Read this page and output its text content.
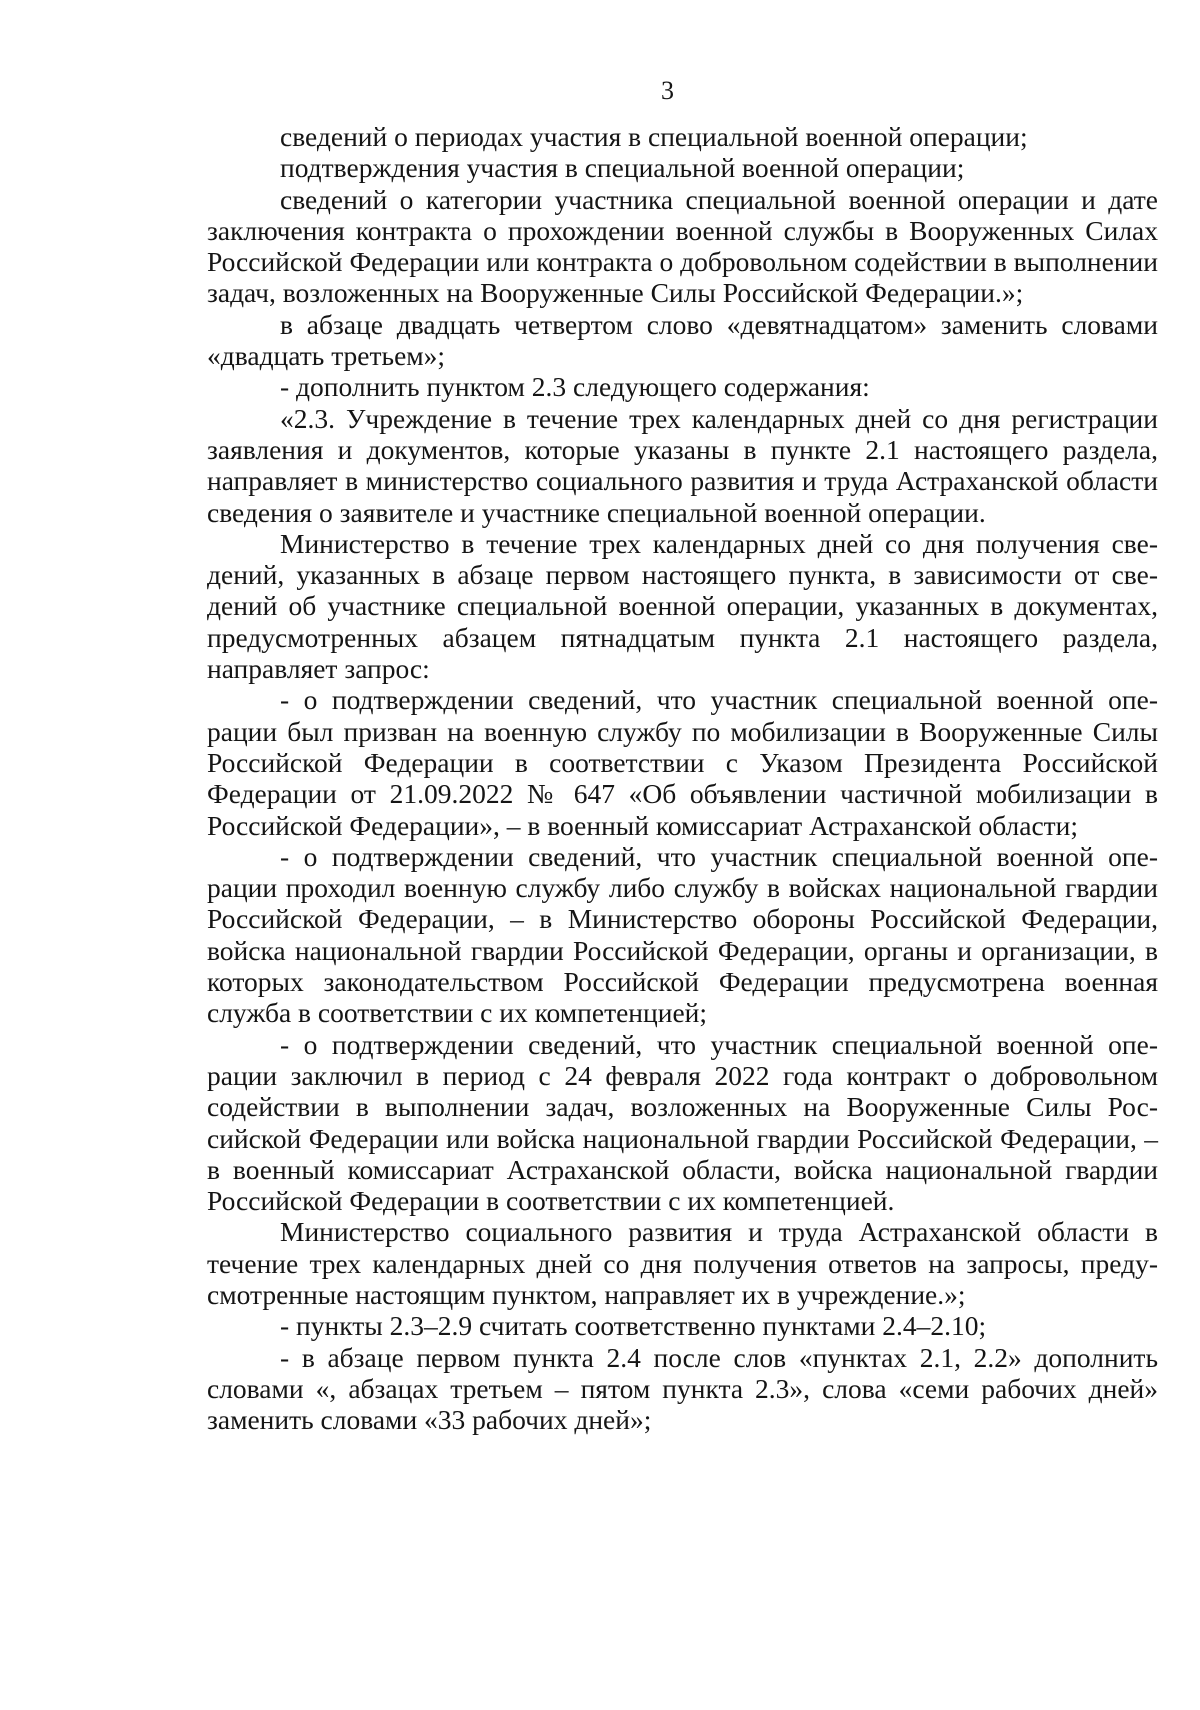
3

сведений о периодах участия в специальной военной операции;

подтверждения участия в специальной военной операции;

сведений о категории участника специальной военной операции и дате заключения контракта о прохождении военной службы в Вооруженных Силах Российской Федерации или контракта о добровольном содействии в выполнении задач, возложенных на Вооруженные Силы Российской Федерации.»;

в абзаце двадцать четвертом слово «девятнадцатом» заменить словами «двадцать третьем»;

- дополнить пунктом 2.3 следующего содержания:

«2.3. Учреждение в течение трех календарных дней со дня регистрации заявления и документов, которые указаны в пункте 2.1 настоящего раздела, направляет в министерство социального развития и труда Астраханской области сведения о заявителе и участнике специальной военной операции.

Министерство в течение трех календарных дней со дня получения сведений, указанных в абзаце первом настоящего пункта, в зависимости от сведений об участнике специальной военной операции, указанных в документах, предусмотренных абзацем пятнадцатым пункта 2.1 настоящего раздела, направляет запрос:

- о подтверждении сведений, что участник специальной военной операции был призван на военную службу по мобилизации в Вооруженные Силы Российской Федерации в соответствии с Указом Президента Российской Федерации от 21.09.2022 № 647 «Об объявлении частичной мобилизации в Российской Федерации», – в военный комиссариат Астраханской области;

- о подтверждении сведений, что участник специальной военной операции проходил военную службу либо службу в войсках национальной гвардии Российской Федерации, – в Министерство обороны Российской Федерации, войска национальной гвардии Российской Федерации, органы и организации, в которых законодательством Российской Федерации предусмотрена военная служба в соответствии с их компетенцией;

- о подтверждении сведений, что участник специальной военной операции заключил в период с 24 февраля 2022 года контракт о добровольном содействии в выполнении задач, возложенных на Вооруженные Силы Российской Федерации или войска национальной гвардии Российской Федерации, – в военный комиссариат Астраханской области, войска национальной гвардии Российской Федерации в соответствии с их компетенцией.

Министерство социального развития и труда Астраханской области в течение трех календарных дней со дня получения ответов на запросы, предусмотренные настоящим пунктом, направляет их в учреждение.»;

- пункты 2.3–2.9 считать соответственно пунктами 2.4–2.10;

- в абзаце первом пункта 2.4 после слов «пунктах 2.1, 2.2» дополнить словами «, абзацах третьем – пятом пункта 2.3», слова «семи рабочих дней» заменить словами «33 рабочих дней»;
